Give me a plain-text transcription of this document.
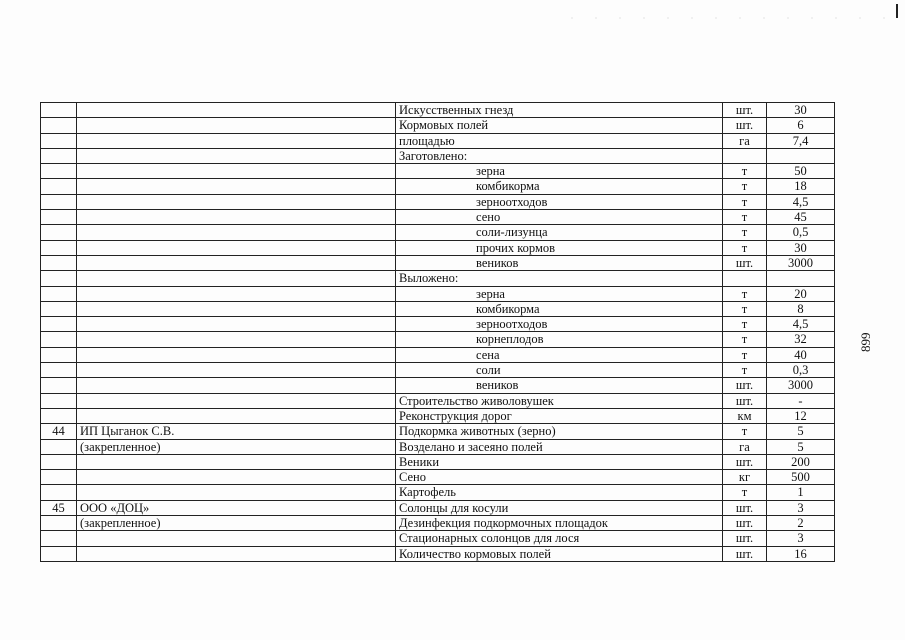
		Искусственных гнезд	шт.	30
		Кормовых полей	шт.	6
		площадью	га	7,4
		Заготовлено:		
		зерна	т	50
		комбикорма	т	18
		зерноотходов	т	4,5
		сено	т	45
		соли-лизунца	т	0,5
		прочих кормов	т	30
		веников	шт.	3000
		Выложено:		
		зерна	т	20
		комбикорма	т	8
		зерноотходов	т	4,5
		корнеплодов	т	32
		сена	т	40
		соли	т	0,3
		веников	шт.	3000
		Строительство живоловушек	шт.	-
		Реконструкция дорог	км	12
44	ИП Цыганок С.В.	Подкормка животных (зерно)	т	5

	(закрепленное)	Возделано и засеяно полей	га	5
		Веники	шт.	200
		Сено	кг	500
		Картофель	т	1
45	ООО «ДОЦ»	Солонцы для косули	шт.	3

	(закрепленное)	Дезинфекция подкормочных площадок	шт.	2
		Стационарных солонцов для лося	шт.	3
		Количество кормовых полей	шт.	16
899
